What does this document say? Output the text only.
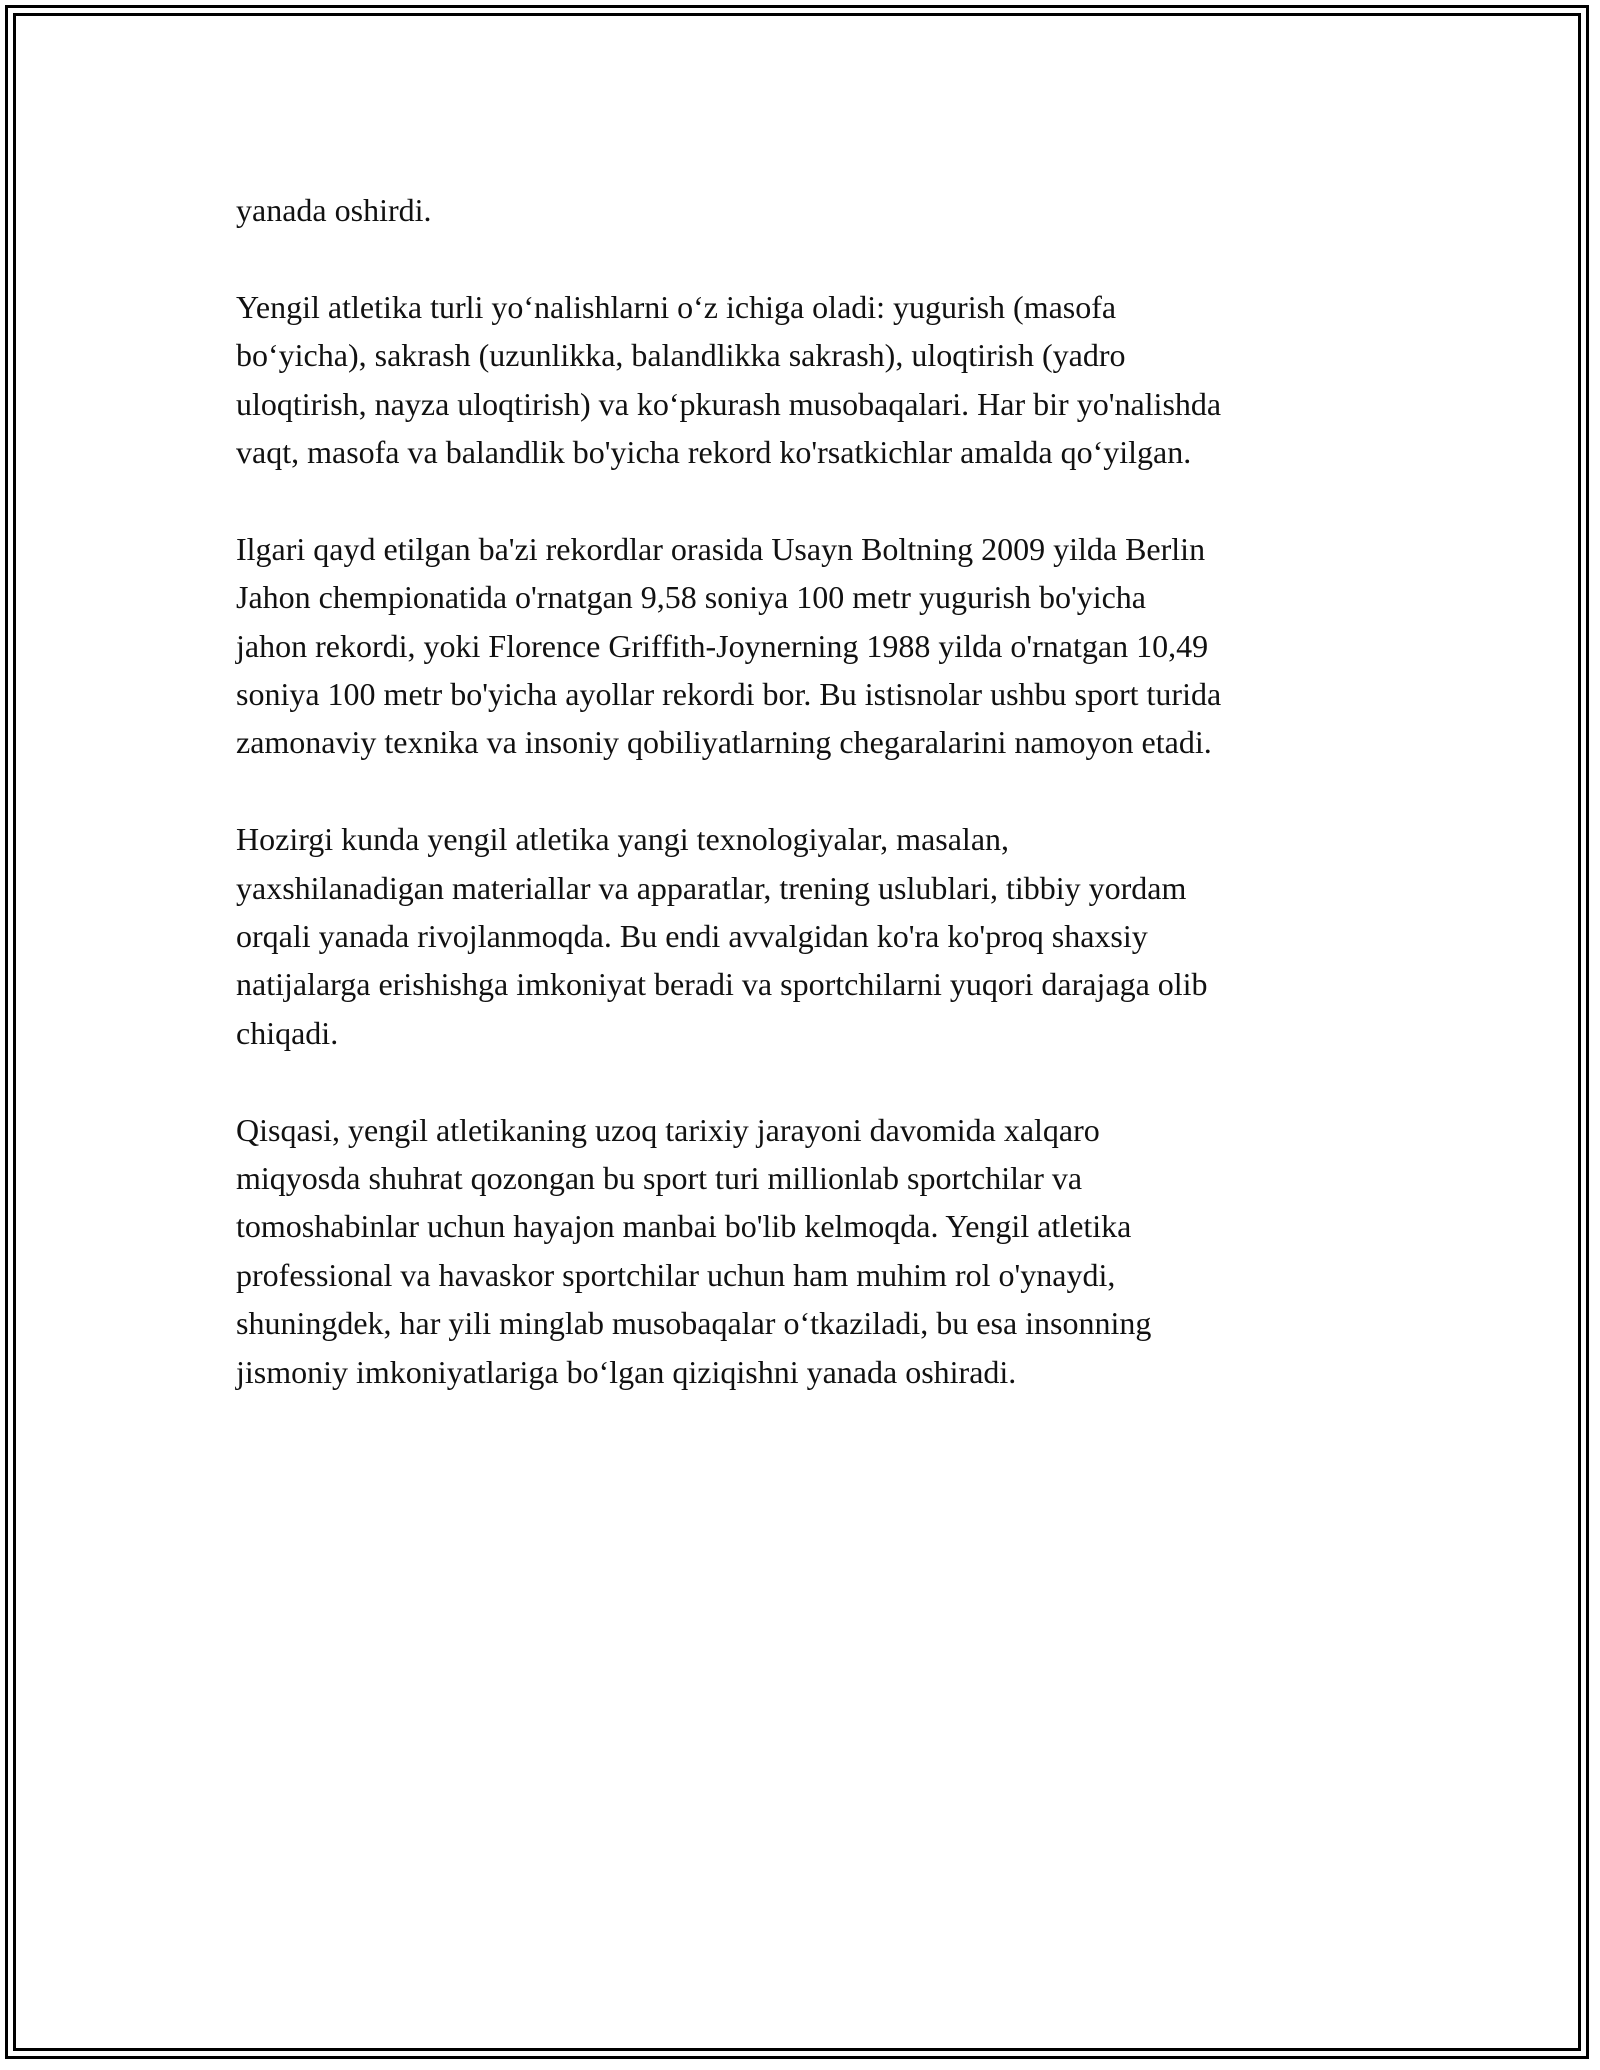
yanada oshirdi.
Yengil atletika turli yo‘nalishlarni o‘z ichiga oladi: yugurish (masofa
bo‘yicha), sakrash (uzunlikka, balandlikka sakrash), uloqtirish (yadro
uloqtirish, nayza uloqtirish) va ko‘pkurash musobaqalari. Har bir yo'nalishda
vaqt, masofa va balandlik bo'yicha rekord ko'rsatkichlar amalda qo‘yilgan.
Ilgari qayd etilgan ba'zi rekordlar orasida Usayn Boltning 2009 yilda Berlin
Jahon chempionatida o'rnatgan 9,58 soniya 100 metr yugurish bo'yicha
jahon rekordi, yoki Florence Griffith-Joynerning 1988 yilda o'rnatgan 10,49
soniya 100 metr bo'yicha ayollar rekordi bor. Bu istisnolar ushbu sport turida
zamonaviy texnika va insoniy qobiliyatlarning chegaralarini namoyon etadi.
Hozirgi kunda yengil atletika yangi texnologiyalar, masalan,
yaxshilanadigan materiallar va apparatlar, trening uslublari, tibbiy yordam
orqali yanada rivojlanmoqda. Bu endi avvalgidan ko'ra ko'proq shaxsiy
natijalarga erishishga imkoniyat beradi va sportchilarni yuqori darajaga olib
chiqadi.
Qisqasi, yengil atletikaning uzoq tarixiy jarayoni davomida xalqaro
miqyosda shuhrat qozongan bu sport turi millionlab sportchilar va
tomoshabinlar uchun hayajon manbai bo'lib kelmoqda. Yengil atletika
professional va havaskor sportchilar uchun ham muhim rol o'ynaydi,
shuningdek, har yili minglab musobaqalar o‘tkaziladi, bu esa insonning
jismoniy imkoniyatlariga bo‘lgan qiziqishni yanada oshiradi.
